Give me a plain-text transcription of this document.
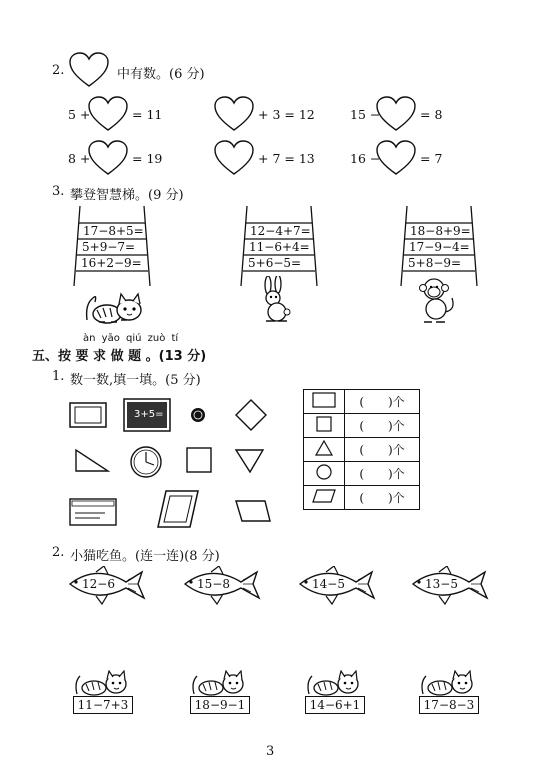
2.	中有数。(6 分)
5 +	= 11	+ 3 = 12	15 −	= 8
8 +	= 19	+ 7 = 13	16 −	= 7
3. 攀登智慧梯。(9 分)
17−8+5=
5+9−7=
16+2−9=
12−4+7=
11−6+4=
5+6−5=
18−8+9=
17−9−4=
5+8−9=
àn yāo qiú zuò tí
五、按 要 求 做 题 。(13 分)
1. 数一数,填一填。(5 分)
3+5=
	(　　)个
	(　　)个
	(　　)个
	(　　)个
	(　　)个
2. 小猫吃鱼。(连一连)(8 分)
12−6	15−8	14−5	13−5
11−7+3	18−9−1	14−6+1	17−8−3
3
